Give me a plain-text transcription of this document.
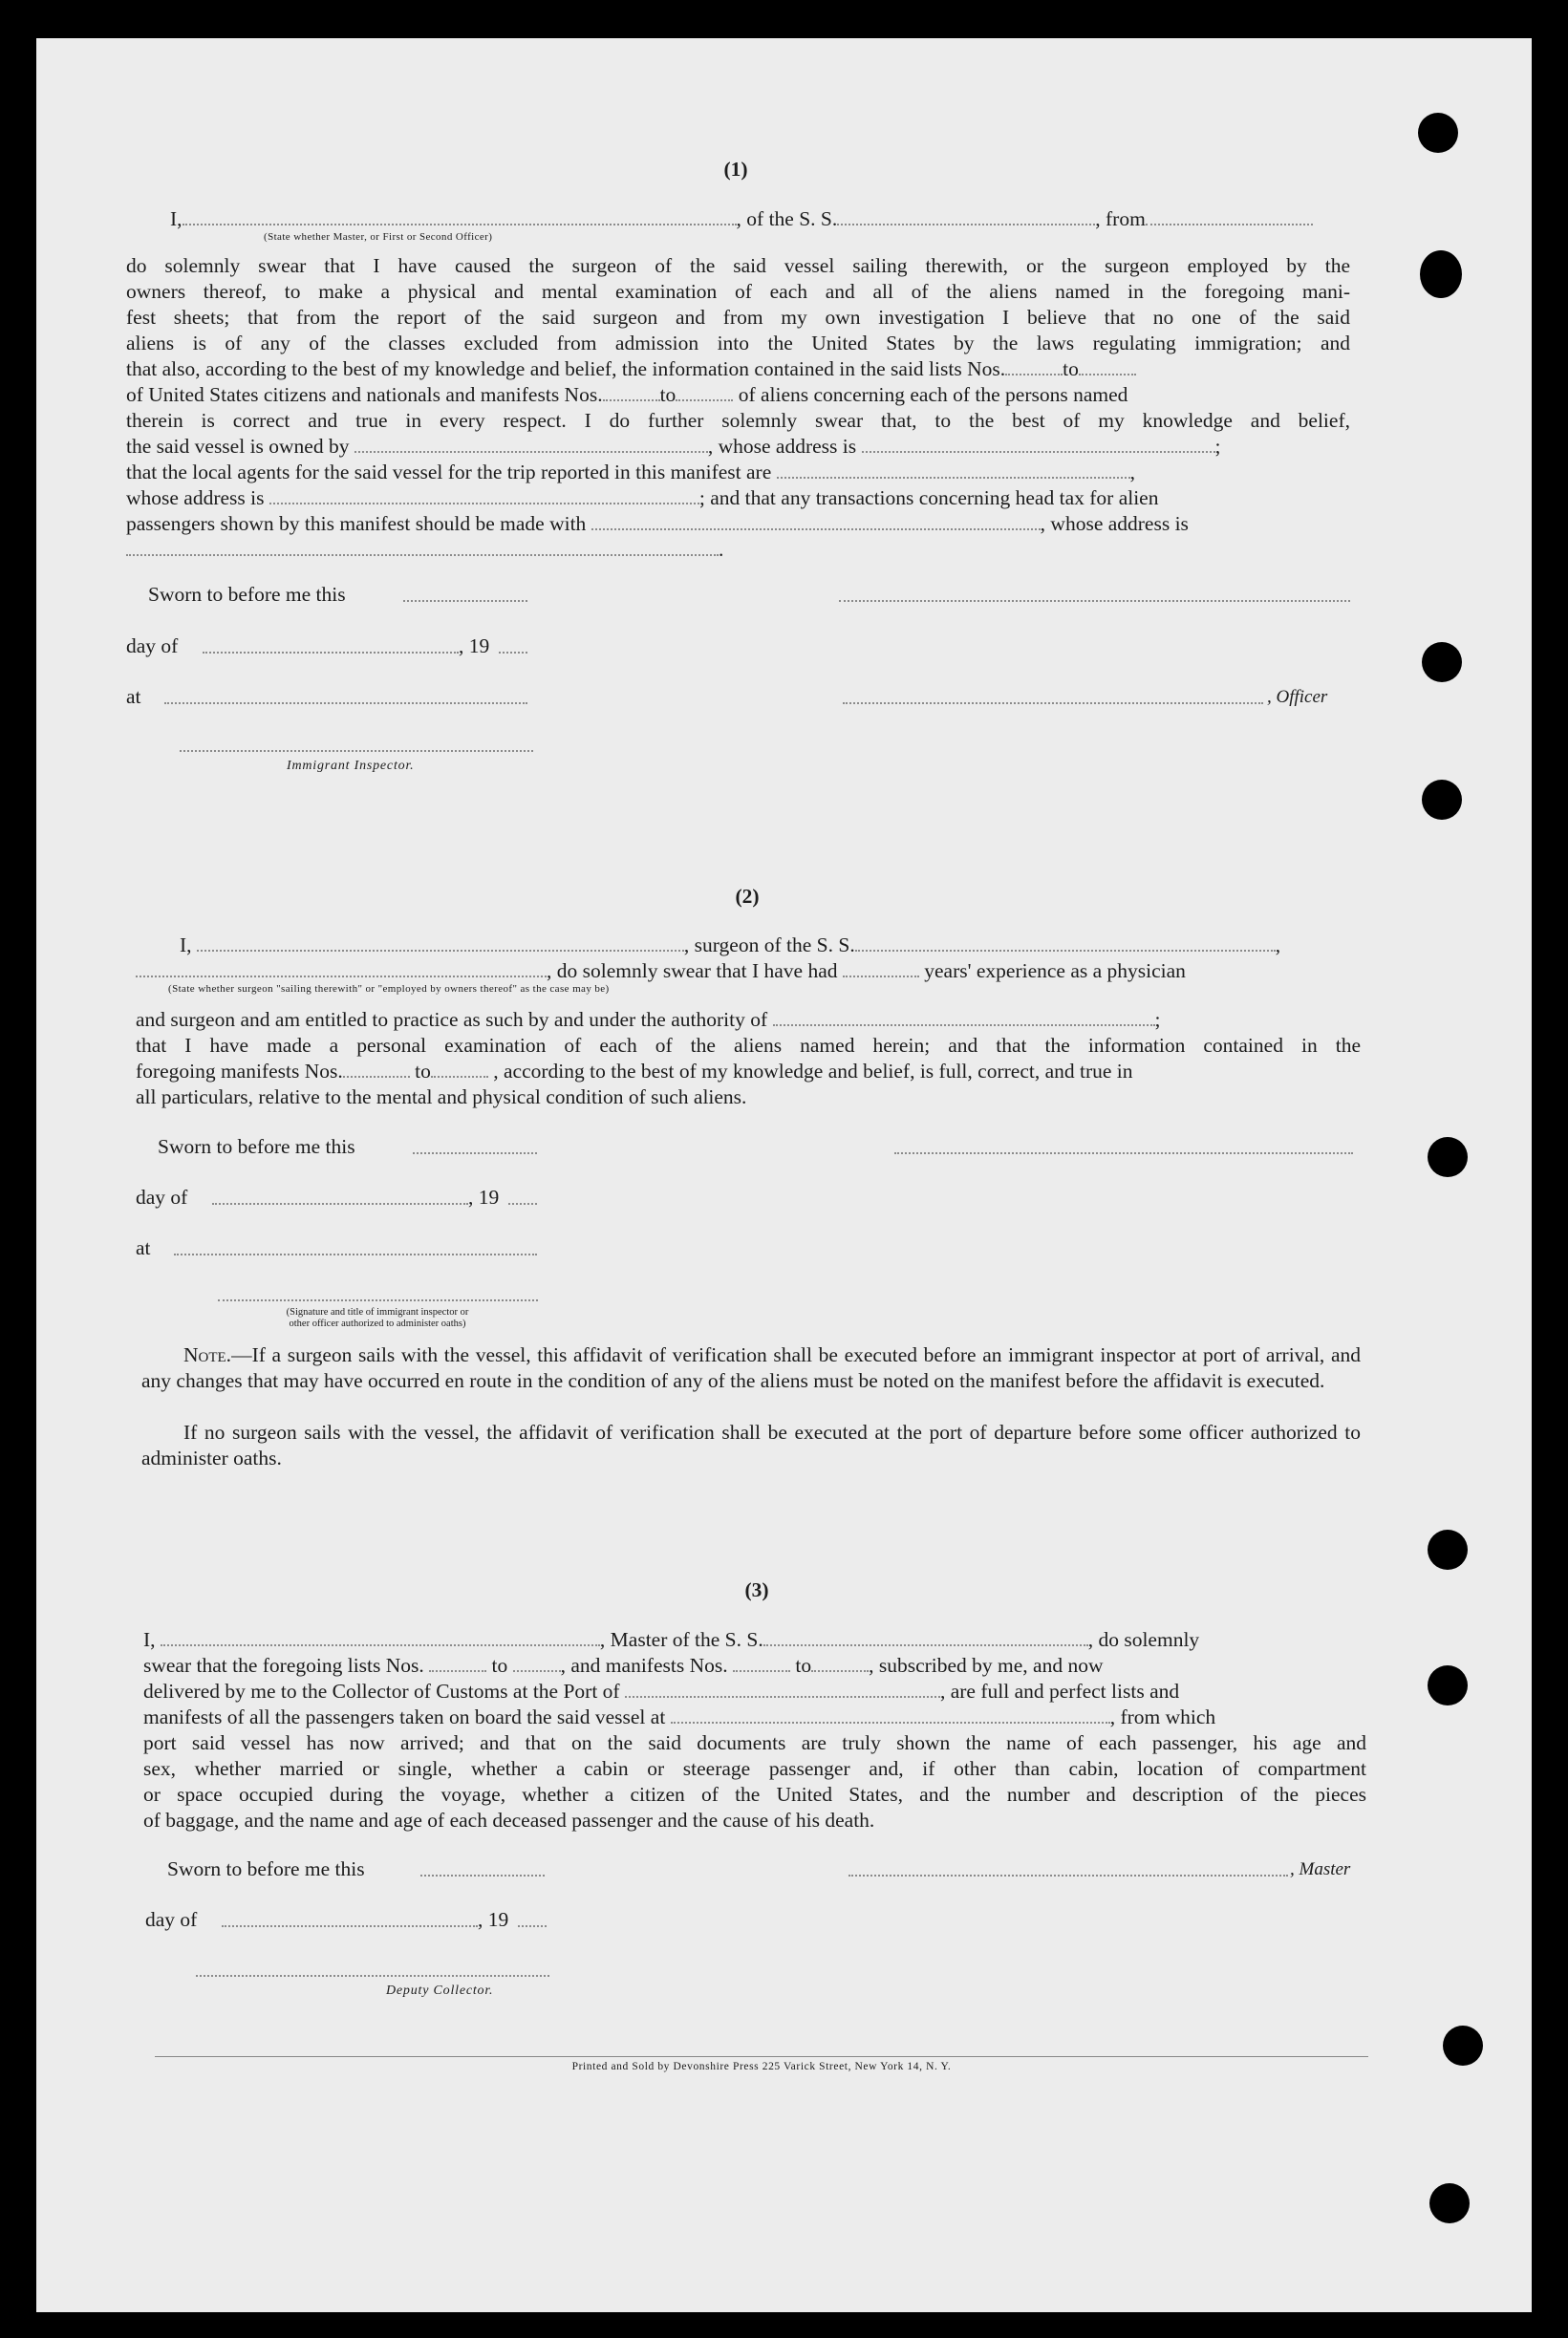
(1)
I,	, of the S. S.	, from
(State whether Master, or First or Second Officer)

do solemnly swear that I have caused the surgeon of the said vessel sailing therewith, or the surgeon employed by the

owners thereof, to make a physical and mental examination of each and all of the aliens named in the foregoing mani-

fest sheets; that from the report of the said surgeon and from my own investigation I believe that no one of the said

aliens is of any of the classes excluded from admission into the United States by the laws regulating immigration; and

that also, according to the best of my knowledge and belief, the information contained in the said lists Nos.	to

of United States citizens and nationals and manifests Nos.	to	of aliens concerning each of the persons named

therein is correct and true in every respect. I do further solemnly swear that, to the best of my knowledge and belief,

the said vessel is owned by	, whose address is	;

that the local agents for the said vessel for the trip reported in this manifest are	,

whose address is	; and that any transactions concerning head tax for alien

passengers shown by this manifest should be made with	, whose address is

.

Sworn to before me this
day of	, 19
at	, Officer
Immigrant Inspector.
(2)
I,	, surgeon of the S. S.	,
, do solemnly swear that I have had	years' experience as a physician
(State whether surgeon "sailing therewith" or "employed by owners thereof" as the case may be)

and surgeon and am entitled to practice as such by and under the authority of	;

that I have made a personal examination of each of the aliens named herein; and that the information contained in the

foregoing manifests Nos.	to	, according to the best of my knowledge and belief, is full, correct, and true in

all particulars, relative to the mental and physical condition of such aliens.

Sworn to before me this
day of	, 19
at
(Signature and title of immigrant inspector or
other officer authorized to administer oaths)
Note.—If a surgeon sails with the vessel, this affidavit of verification shall be executed before an immigrant inspector at port of arrival, and any changes that may have occurred en route in the condition of any of the aliens must be noted on the manifest before the affidavit is executed.
If no surgeon sails with the vessel, the affidavit of verification shall be executed at the port of departure before some officer authorized to administer oaths.
(3)

I,	, Master of the S. S.	, do solemnly

swear that the foregoing lists Nos.	to	, and manifests Nos.	to	, subscribed by me, and now

delivered by me to the Collector of Customs at the Port of	, are full and perfect lists and

manifests of all the passengers taken on board the said vessel at	, from which

port said vessel has now arrived; and that on the said documents are truly shown the name of each passenger, his age and

sex, whether married or single, whether a cabin or steerage passenger and, if other than cabin, location of compartment

or space occupied during the voyage, whether a citizen of the United States, and the number and description of the pieces

of baggage, and the name and age of each deceased passenger and the cause of his death.

Sworn to before me this	, Master
day of	, 19
Deputy Collector.
Printed and Sold by Devonshire Press 225 Varick Street, New York 14, N. Y.
